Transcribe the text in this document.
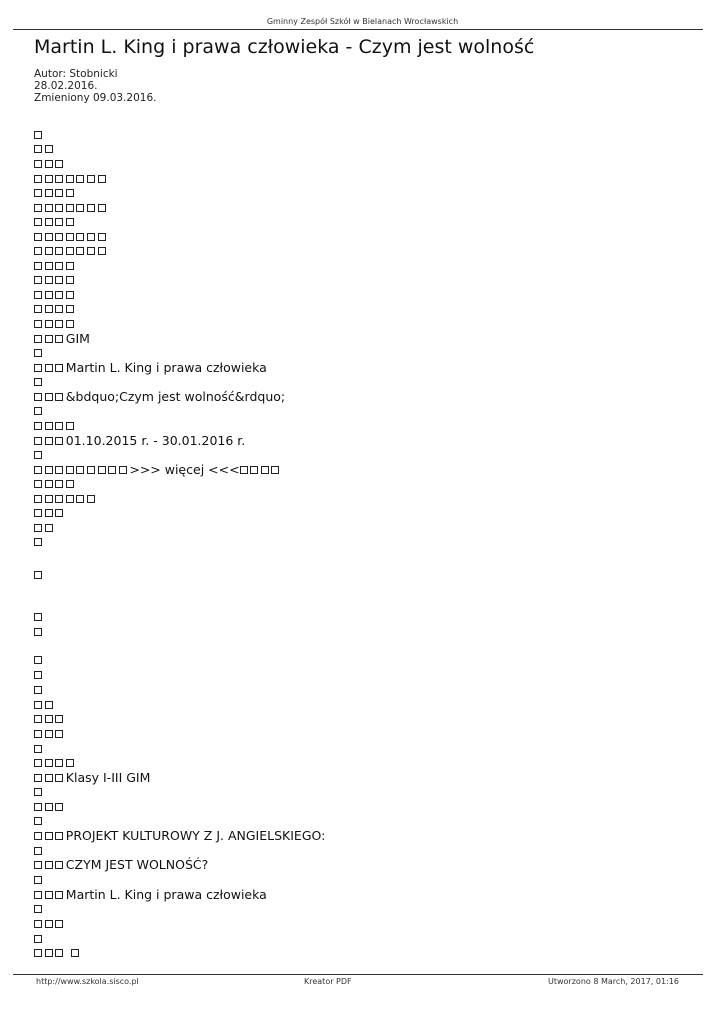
Gminny Zespół Szkół w Bielanach Wrocławskich
Martin L. King i prawa człowieka - Czym jest wolność
Autor: Stobnicki
28.02.2016.
Zmieniony 09.03.2016.
GIM
Martin L. King i prawa człowieka
&bdquo;Czym jest wolność&rdquo;
01.10.2015 r. - 30.01.2016 r.
>>> więcej <<<
Klasy I-III GIM
PROJEKT KULTUROWY Z J. ANGIELSKIEGO:
CZYM JEST WOLNOŚĆ?
Martin L. King i prawa człowieka
http://www.szkola.sisco.pl	Kreator PDF	Utworzono 8 March, 2017, 01:16
